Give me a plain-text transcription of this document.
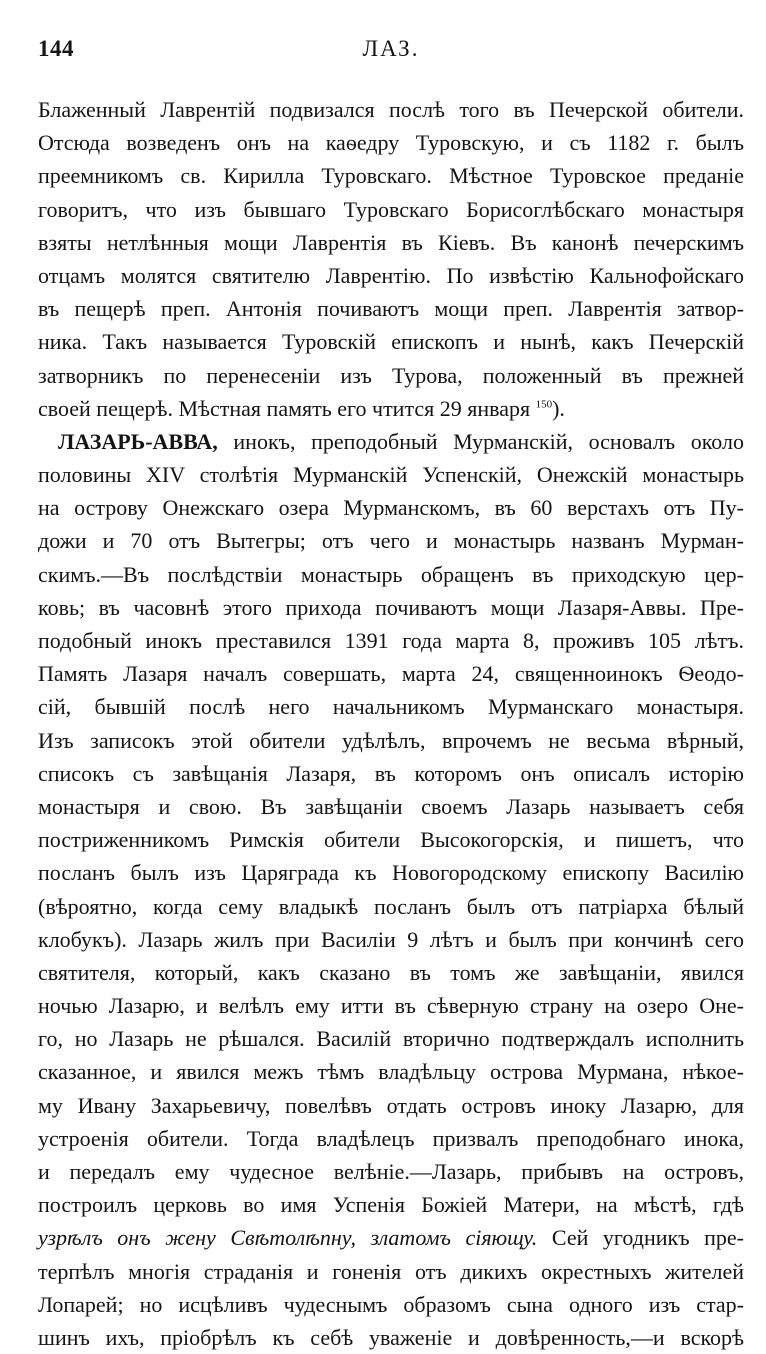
144	ЛАЗ.
Блаженный Лаврентій подвизался послѣ того въ Печерской обители.
Отсюда возведенъ онъ на каѳедру Туровскую, и съ 1182 г. былъ
преемникомъ св. Кирилла Туровскаго. Мѣстное Туровское преданіе
говоритъ, что изъ бывшаго Туровскаго Борисоглѣбскаго монастыря
взяты нетлѣнныя мощи Лаврентія въ Кіевъ. Въ канонѣ печерскимъ
отцамъ молятся святителю Лаврентію. По извѣстію Кальнофойскаго
въ пещерѣ преп. Антонія почиваютъ мощи преп. Лаврентія затвор-
ника. Такъ называется Туровскій епископъ и нынѣ, какъ Печерскій
затворникъ по перенесеніи изъ Турова, положенный въ прежней
своей пещерѣ. Мѣстная память его чтится 29 января $^{150}$).
ЛАЗАРЬ-АВВА, инокъ, преподобный Мурманскій, основалъ около
половины XIV столѣтія Мурманскій Успенскій, Онежскій монастырь
на острову Онежскаго озера Мурманскомъ, въ 60 верстахъ отъ Пу-
дожи и 70 отъ Вытегры; отъ чего и монастырь названъ Мурман-
скимъ.—Въ послѣдствіи монастырь обращенъ въ приходскую цер-
ковь; въ часовнѣ этого прихода почиваютъ мощи Лазаря-Аввы. Пре-
подобный инокъ преставился 1391 года марта 8, проживъ 105 лѣтъ.
Память Лазаря началъ совершать, марта 24, священноинокъ Ѳеодо-
сій, бывшій послѣ него начальникомъ Мурманскаго монастыря.
Изъ записокъ этой обители удѣлѣлъ, впрочемъ не весьма вѣрный,
списокъ съ завѣщанія Лазаря, въ которомъ онъ описалъ исторію
монастыря и свою. Въ завѣщаніи своемъ Лазарь называетъ себя
постриженникомъ Римскія обители Высокогорскія, и пишетъ, что
посланъ былъ изъ Царяграда къ Новогородскому епископу Василію
(вѣроятно, когда сему владыкѣ посланъ былъ отъ патріарха бѣлый
клобукъ). Лазарь жилъ при Василіи 9 лѣтъ и былъ при кончинѣ сего
святителя, который, какъ сказано въ томъ же завѣщаніи, явился
ночью Лазарю, и велѣлъ ему итти въ сѣверную страну на озеро Оне-
го, но Лазарь не рѣшался. Василій вторично подтверждалъ исполнить
сказанное, и явился межъ тѣмъ владѣльцу острова Мурмана, нѣкое-
му Ивану Захарьевичу, повелѣвъ отдать островъ иноку Лазарю, для
устроенія обители. Тогда владѣлецъ призвалъ преподобнаго инока,
и передалъ ему чудесное велѣніе.—Лазарь, прибывъ на островъ,
построилъ церковь во имя Успенія Божіей Матери, на мѣстѣ, гдѣ
узрѣлъ онъ жену Свѣтолѣпну, златомъ сіяющу. Сей угодникъ пре-
терпѣлъ многія страданія и гоненія отъ дикихъ окрестныхъ жителей
Лопарей; но исцѣливъ чудеснымъ образомъ сына одного изъ стар-
шинъ ихъ, пріобрѣлъ къ себѣ уваженіе и довѣренность,—и вскорѣ
